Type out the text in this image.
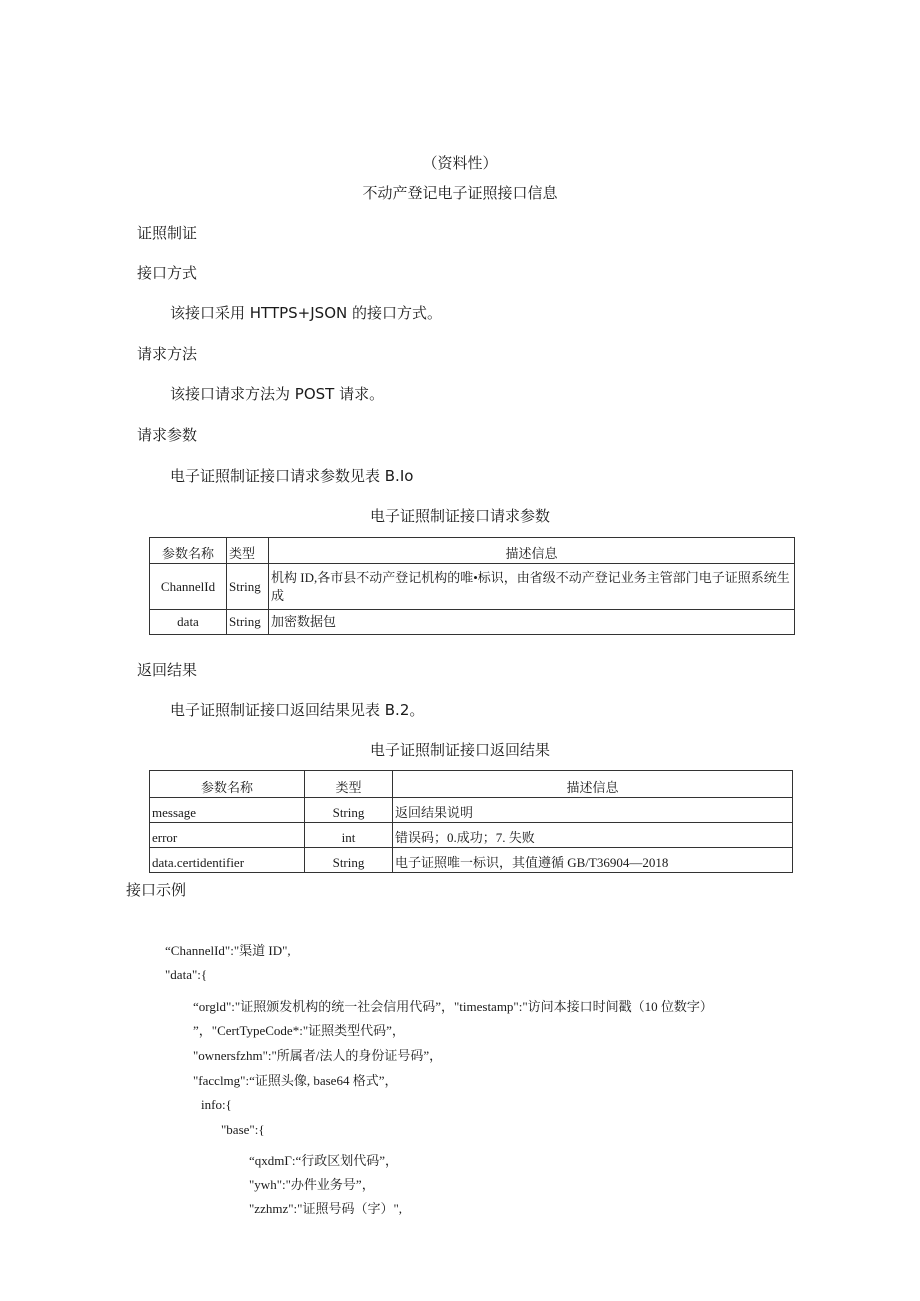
（资料性）
不动产登记电子证照接口信息
证照制证
接口方式
该接口采用 HTTPS+JSON 的接口方式。
请求方法
该接口请求方法为 POST 请求。
请求参数
电子证照制证接口请求参数见表 B.Io
电子证照制证接口请求参数
参数名称	类型	描述信息
ChannelId	String	机构 ID,各市县不动产登记机构的唯•标识，由省级不动产登记业务主管部门电子证照系统生成
data	String	加密数据包
返回结果
电子证照制证接口返回结果见表 B.2。
电子证照制证接口返回结果
参数名称	类型	描述信息
message	String	返回结果说明
error	int	错误码；0.成功；7. 失败
data.certidentifier	String	电子证照唯一标识，其值遵循 GB/T36904—2018
接口示例
“ChannelId":"渠道 ID",
"data":{
“orgld":"证照颁发机构的统一社会信用代码”，"timestamp":"访问本接口时间戳（10 位数字）
”，"CertTypeCode*:"证照类型代码”，
"ownersfzhm":"所属者/法人的身份证号码”，
"facclmg":“证照头像, base64 格式”，
info:{
"base":{
“qxdmΓ:“行政区划代码”，
"ywh":"办件业务号”，
"zzhmz":"证照号码（字）",
